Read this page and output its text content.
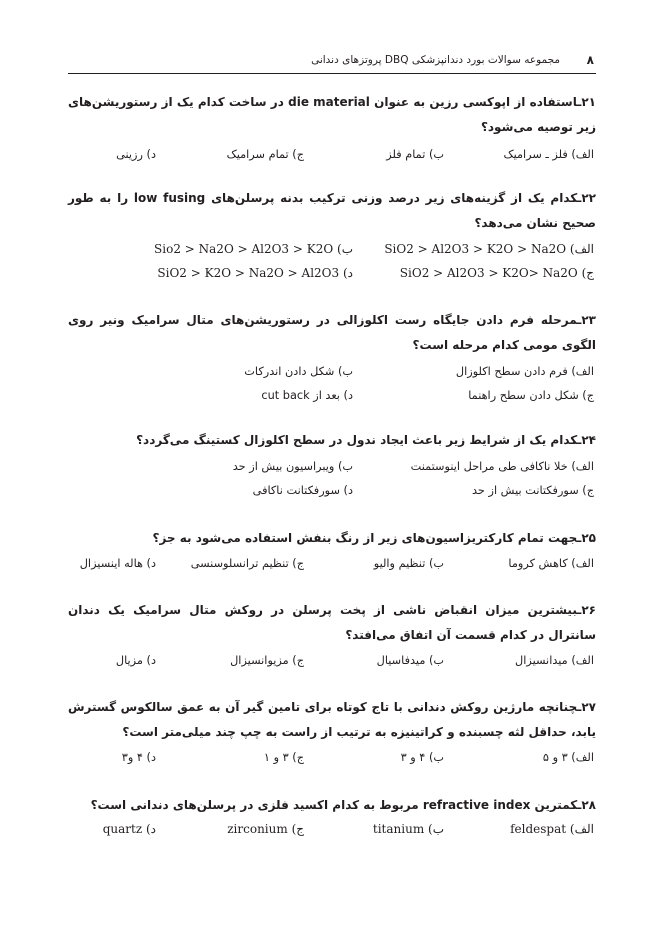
۸
مجموعه سوالات بورد دندانپزشکی DBQ پروتزهای دندانی

۲۱ـاستفاده از اپوکسی رزین به عنوان die material در ساخت کدام یک از رستوریشن‌های زیر توصیه می‌شود؟

الف) فلز ـ سرامیک
ب) تمام فلز
ج) تمام سرامیک
د) رزینی

۲۲ـکدام یک از گزینه‌های زیر درصد وزنی ترکیب بدنه پرسلن‌های low fusing را به طور صحیح نشان می‌دهد؟

الف) SiO2 > Al2O3 > K2O > Na2O
ب) Sio2 > Na2O > Al2O3 > K2O
ج) SiO2 > Al2O3 > K2O> Na2O
د) SiO2 > K2O > Na2O > Al2O3

۲۳ـمرحله فرم دادن جایگاه رست اکلوزالی در رستوریشن‌های متال سرامیک ونیر روی الگوی مومی کدام مرحله است؟

الف) فرم دادن سطح اکلوزال
ب) شکل دادن اندرکات
ج) شکل دادن سطح راهنما
د) بعد از cut back

۲۴ـکدام یک از شرایط زیر باعث ایجاد ندول در سطح اکلوزال کستینگ می‌گردد؟

الف) خلا ناکافی طی مراحل اینوستمنت
ب) ویبراسیون بیش از حد
ج) سورفکتانت بیش از حد
د) سورفکتانت ناکافی

۲۵ـجهت تمام کارکتریزاسیون‌های زیر از رنگ بنفش استفاده می‌شود به جز؟

الف) کاهش کروما
ب) تنظیم والیو
ج) تنظیم ترانسلوسنسی
د) هاله اینسیزال

۲۶ـبیشترین میزان انقباض ناشی از پخت پرسلن در روکش متال سرامیک یک دندان سانترال در کدام قسمت آن اتفاق می‌افتد؟

الف) میدانسیزال
ب) میدفاسیال
ج) مزیوانسیزال
د) مزیال

۲۷ـچنانچه مارژین روکش دندانی با تاج کوتاه برای تامین گیر آن به عمق سالکوس گسترش یابد، حداقل لثه چسبنده و کراتینیزه به ترتیب از راست به چپ چند میلی‌متر است؟

الف) ۳ و ۵
ب) ۴ و ۳
ج) ۳ و ۱
د) ۴ و۳

۲۸ـکمترین refractive index مربوط به کدام اکسید فلزی در پرسلن‌های دندانی است؟

الف) feldespat
ب) titanium
ج) zirconium
د) quartz
